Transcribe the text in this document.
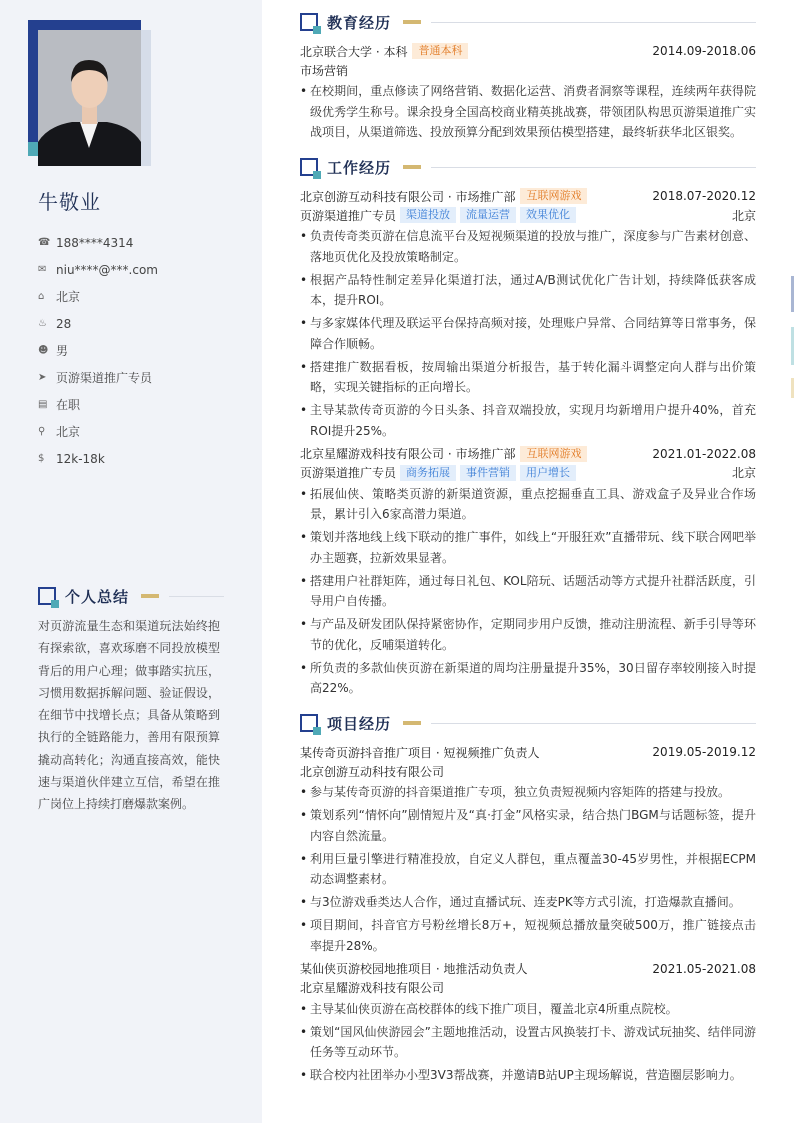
牛敬业
☎ 188****4314
✉ niu****@***.com
⌂ 北京
♨ 28
☻ 男
➤ 页游渠道推广专员
▤ 在职
⚲ 北京
$ 12k-18k
个人总结
对页游流量生态和渠道玩法始终抱有探索欲，喜欢琢磨不同投放模型背后的用户心理；做事踏实抗压，习惯用数据拆解问题、验证假设，在细节中找增长点；具备从策略到执行的全链路能力，善用有限预算撬动高转化；沟通直接高效，能快速与渠道伙伴建立互信，希望在推广岗位上持续打磨爆款案例。
教育经历
北京联合大学 · 本科	普通本科	2014.09-2018.06
市场营销
• 在校期间，重点修读了网络营销、数据化运营、消费者洞察等课程，连续两年获得院级优秀学生称号。课余投身全国高校商业精英挑战赛，带领团队构思页游渠道推广实战项目，从渠道筛选、投放预算分配到效果预估模型搭建，最终斩获华北区银奖。
工作经历
北京创游互动科技有限公司 · 市场推广部	互联网游戏	2018.07-2020.12
页游渠道推广专员 渠道投放	流量运营	效果优化	北京
• 负责传奇类页游在信息流平台及短视频渠道的投放与推广，深度参与广告素材创意、落地页优化及投放策略制定。
• 根据产品特性制定差异化渠道打法，通过A/B测试优化广告计划，持续降低获客成本，提升ROI。
• 与多家媒体代理及联运平台保持高频对接，处理账户异常、合同结算等日常事务，保障合作顺畅。
• 搭建推广数据看板，按周输出渠道分析报告，基于转化漏斗调整定向人群与出价策略，实现关键指标的正向增长。
• 主导某款传奇页游的今日头条、抖音双端投放，实现月均新增用户提升40%，首充ROI提升25%。
北京星耀游戏科技有限公司 · 市场推广部	互联网游戏	2021.01-2022.08
页游渠道推广专员 商务拓展	事件营销	用户增长	北京
• 拓展仙侠、策略类页游的新渠道资源，重点挖掘垂直工具、游戏盒子及异业合作场景，累计引入6家高潜力渠道。
• 策划并落地线上线下联动的推广事件，如线上“开服狂欢”直播带玩、线下联合网吧举办主题赛，拉新效果显著。
• 搭建用户社群矩阵，通过每日礼包、KOL陪玩、话题活动等方式提升社群活跃度，引导用户自传播。
• 与产品及研发团队保持紧密协作，定期同步用户反馈，推动注册流程、新手引导等环节的优化，反哺渠道转化。
• 所负责的多款仙侠页游在新渠道的周均注册量提升35%，30日留存率较刚接入时提高22%。
项目经历
某传奇页游抖音推广项目 · 短视频推广负责人	2019.05-2019.12
北京创游互动科技有限公司
• 参与某传奇页游的抖音渠道推广专项，独立负责短视频内容矩阵的搭建与投放。
• 策划系列“情怀向”剧情短片及“真·打金”风格实录，结合热门BGM与话题标签，提升内容自然流量。
• 利用巨量引擎进行精准投放，自定义人群包，重点覆盖30-45岁男性，并根据ECPM动态调整素材。
• 与3位游戏垂类达人合作，通过直播试玩、连麦PK等方式引流，打造爆款直播间。
• 项目期间，抖音官方号粉丝增长8万+，短视频总播放量突破500万，推广链接点击率提升28%。
某仙侠页游校园地推项目 · 地推活动负责人	2021.05-2021.08
北京星耀游戏科技有限公司
• 主导某仙侠页游在高校群体的线下推广项目，覆盖北京4所重点院校。
• 策划“国风仙侠游园会”主题地推活动，设置古风换装打卡、游戏试玩抽奖、结伴同游任务等互动环节。
• 联合校内社团举办小型3V3帮战赛，并邀请B站UP主现场解说，营造圈层影响力。
